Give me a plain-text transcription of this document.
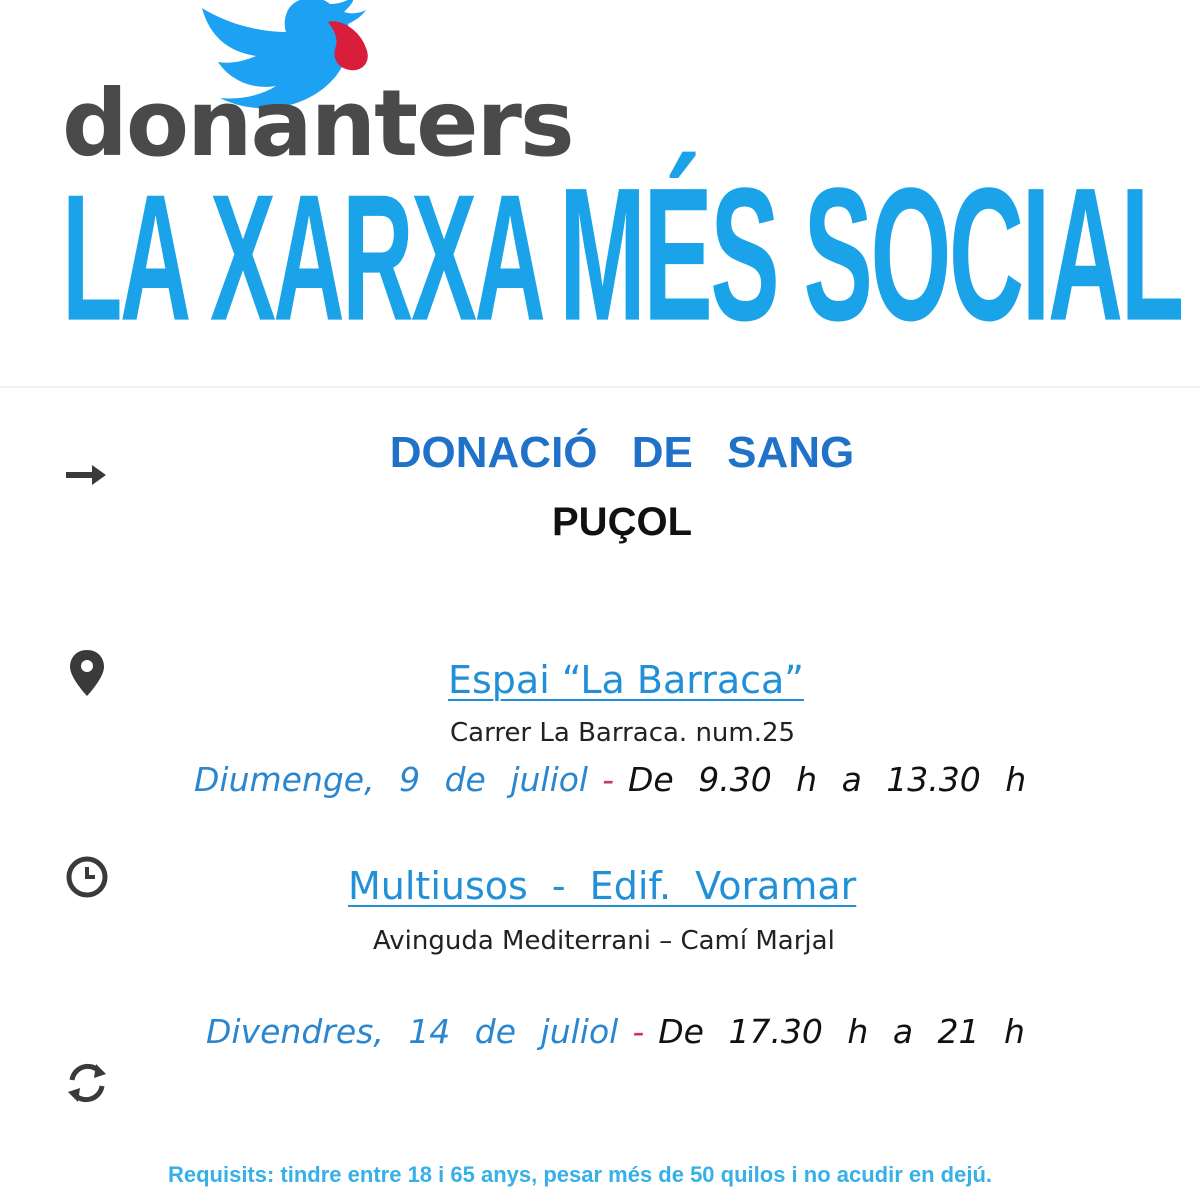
donanters
LA XARXA MÉS SOCIAL
DONACIÓ DE SANG
PUÇOL
Espai “La Barraca”
Carrer La Barraca. num.25
Diumenge, 9 de juliol - De 9.30 h a 13.30 h
Multiusos - Edif. Voramar
Avinguda Mediterrani – Camí Marjal
Divendres, 14 de juliol - De 17.30 h a 21 h
Requisits: tindre entre 18 i 65 anys, pesar més de 50 quilos i no acudir en dejú.
